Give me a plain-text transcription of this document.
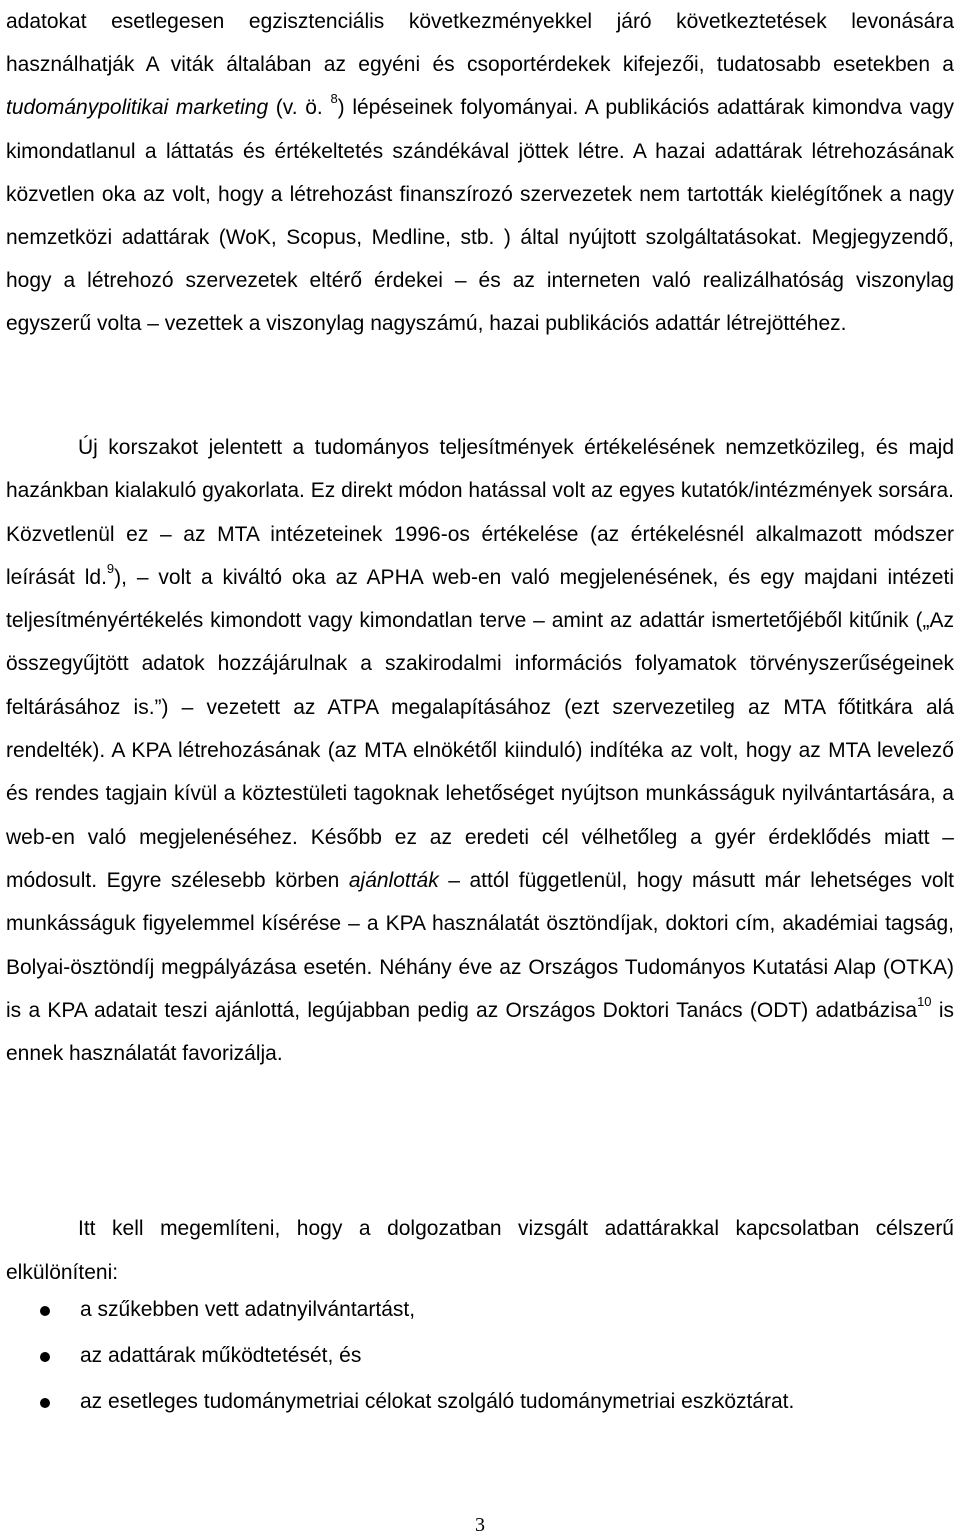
adatokat esetlegesen egzisztenciális következményekkel járó következtetések levonására használhatják A viták általában az egyéni és csoportérdekek kifejezői, tudatosabb esetekben a tudománypolitikai marketing (v. ö. $^8$) lépéseinek folyományai. A publikációs adattárak kimondva vagy kimondatlanul a láttatás és értékeltetés szándékával jöttek létre. A hazai adattárak létrehozásának közvetlen oka az volt, hogy a létrehozást finanszírozó szervezetek nem tartották kielégítőnek a nagy nemzetközi adattárak (WoK, Scopus, Medline, stb. ) által nyújtott szolgáltatásokat. Megjegyzendő, hogy a létrehozó szervezetek eltérő érdekei – és az interneten való realizálhatóság viszonylag egyszerű volta – vezettek a viszonylag nagyszámú, hazai publikációs adattár létrejöttéhez.

Új korszakot jelentett a tudományos teljesítmények értékelésének nemzetközileg, és majd hazánkban kialakuló gyakorlata. Ez direkt módon hatással volt az egyes kutatók/intézmények sorsára. Közvetlenül ez – az MTA intézeteinek 1996-os értékelése (az értékelésnél alkalmazott módszer leírását ld.$^9$), – volt a kiváltó oka az APHA web-en való megjelenésének, és egy majdani intézeti teljesítményértékelés kimondott vagy kimondatlan terve – amint az adattár ismertetőjéből kitűnik („Az összegyűjtött adatok hozzájárulnak a szakirodalmi információs folyamatok törvényszerűségeinek feltárásához is.”) – vezetett az ATPA megalapításához (ezt szervezetileg az MTA főtitkára alá rendelték). A KPA létrehozásának (az MTA elnökétől kiinduló) indítéka az volt, hogy az MTA levelező és rendes tagjain kívül a köztestületi tagoknak lehetőséget nyújtson munkásságuk nyilvántartására, a web-en való megjelenéséhez. Később ez az eredeti cél vélhetőleg a gyér érdeklődés miatt – módosult. Egyre szélesebb körben ajánlották – attól függetlenül, hogy másutt már lehetséges volt munkásságuk figyelemmel kísérése – a KPA használatát ösztöndíjak, doktori cím, akadémiai tagság, Bolyai-ösztöndíj megpályázása esetén. Néhány éve az Országos Tudományos Kutatási Alap (OTKA) is a KPA adatait teszi ajánlottá, legújabban pedig az Országos Doktori Tanács (ODT) adatbázisa$^{10}$ is ennek használatát favorizálja.

Itt kell megemlíteni, hogy a dolgozatban vizsgált adattárakkal kapcsolatban célszerű elkülöníteni:

a szűkebben vett adatnyilvántartást,
az adattárak működtetését, és
az esetleges tudománymetriai célokat szolgáló tudománymetriai eszköztárat.
3
